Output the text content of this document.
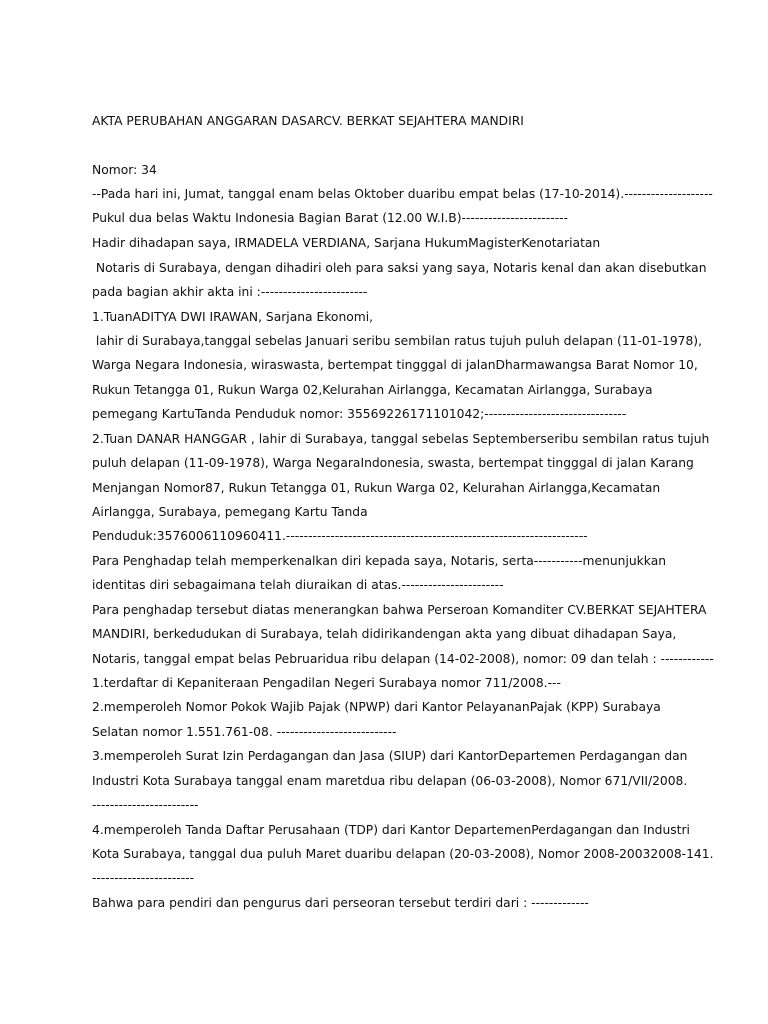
AKTA PERUBAHAN ANGGARAN DASARCV. BERKAT SEJAHTERA MANDIRI
Nomor: 34
--Pada hari ini, Jumat, tanggal enam belas Oktober duaribu empat belas (17-10-2014).--------------------
Pukul dua belas Waktu Indonesia Bagian Barat (12.00 W.I.B)------------------------
Hadir dihadapan saya, IRMADELA VERDIANA, Sarjana HukumMagisterKenotariatan
Notaris di Surabaya, dengan dihadiri oleh para saksi yang saya, Notaris kenal dan akan disebutkan
pada bagian akhir akta ini :------------------------
1.TuanADITYA DWI IRAWAN, Sarjana Ekonomi,
lahir di Surabaya,tanggal sebelas Januari seribu sembilan ratus tujuh puluh delapan (11-01-1978),
Warga Negara Indonesia, wiraswasta, bertempat tingggal di jalanDharmawangsa Barat Nomor 10,
Rukun Tetangga 01, Rukun Warga 02,Kelurahan Airlangga, Kecamatan Airlangga, Surabaya
pemegang KartuTanda Penduduk nomor: 35569226171101042;--------------------------------
2.Tuan DANAR HANGGAR , lahir di Surabaya, tanggal sebelas Septemberseribu sembilan ratus tujuh
puluh delapan (11-09-1978), Warga NegaraIndonesia, swasta, bertempat tingggal di jalan Karang
Menjangan Nomor87, Rukun Tetangga 01, Rukun Warga 02, Kelurahan Airlangga,Kecamatan
Airlangga, Surabaya, pemegang Kartu Tanda
Penduduk:3576006110960411.--------------------------------------------------------------------
Para Penghadap telah memperkenalkan diri kepada saya, Notaris, serta-----------menunjukkan
identitas diri sebagaimana telah diuraikan di atas.-----------------------
Para penghadap tersebut diatas menerangkan bahwa Perseroan Komanditer CV.BERKAT SEJAHTERA
MANDIRI, berkedudukan di Surabaya, telah didirikandengan akta yang dibuat dihadapan Saya,
Notaris, tanggal empat belas Pebruaridua ribu delapan (14-02-2008), nomor: 09 dan telah : ------------
1.terdaftar di Kepaniteraan Pengadilan Negeri Surabaya nomor 711/2008.---
2.memperoleh Nomor Pokok Wajib Pajak (NPWP) dari Kantor PelayananPajak (KPP) Surabaya
Selatan nomor 1.551.761-08. ---------------------------
3.memperoleh Surat Izin Perdagangan dan Jasa (SIUP) dari KantorDepartemen Perdagangan dan
Industri Kota Surabaya tanggal enam maretdua ribu delapan (06-03-2008), Nomor 671/VII/2008.
------------------------
4.memperoleh Tanda Daftar Perusahaan (TDP) dari Kantor DepartemenPerdagangan dan Industri
Kota Surabaya, tanggal dua puluh Maret duaribu delapan (20-03-2008), Nomor 2008-20032008-141.
-----------------------
Bahwa para pendiri dan pengurus dari perseoran tersebut terdiri dari : -------------
